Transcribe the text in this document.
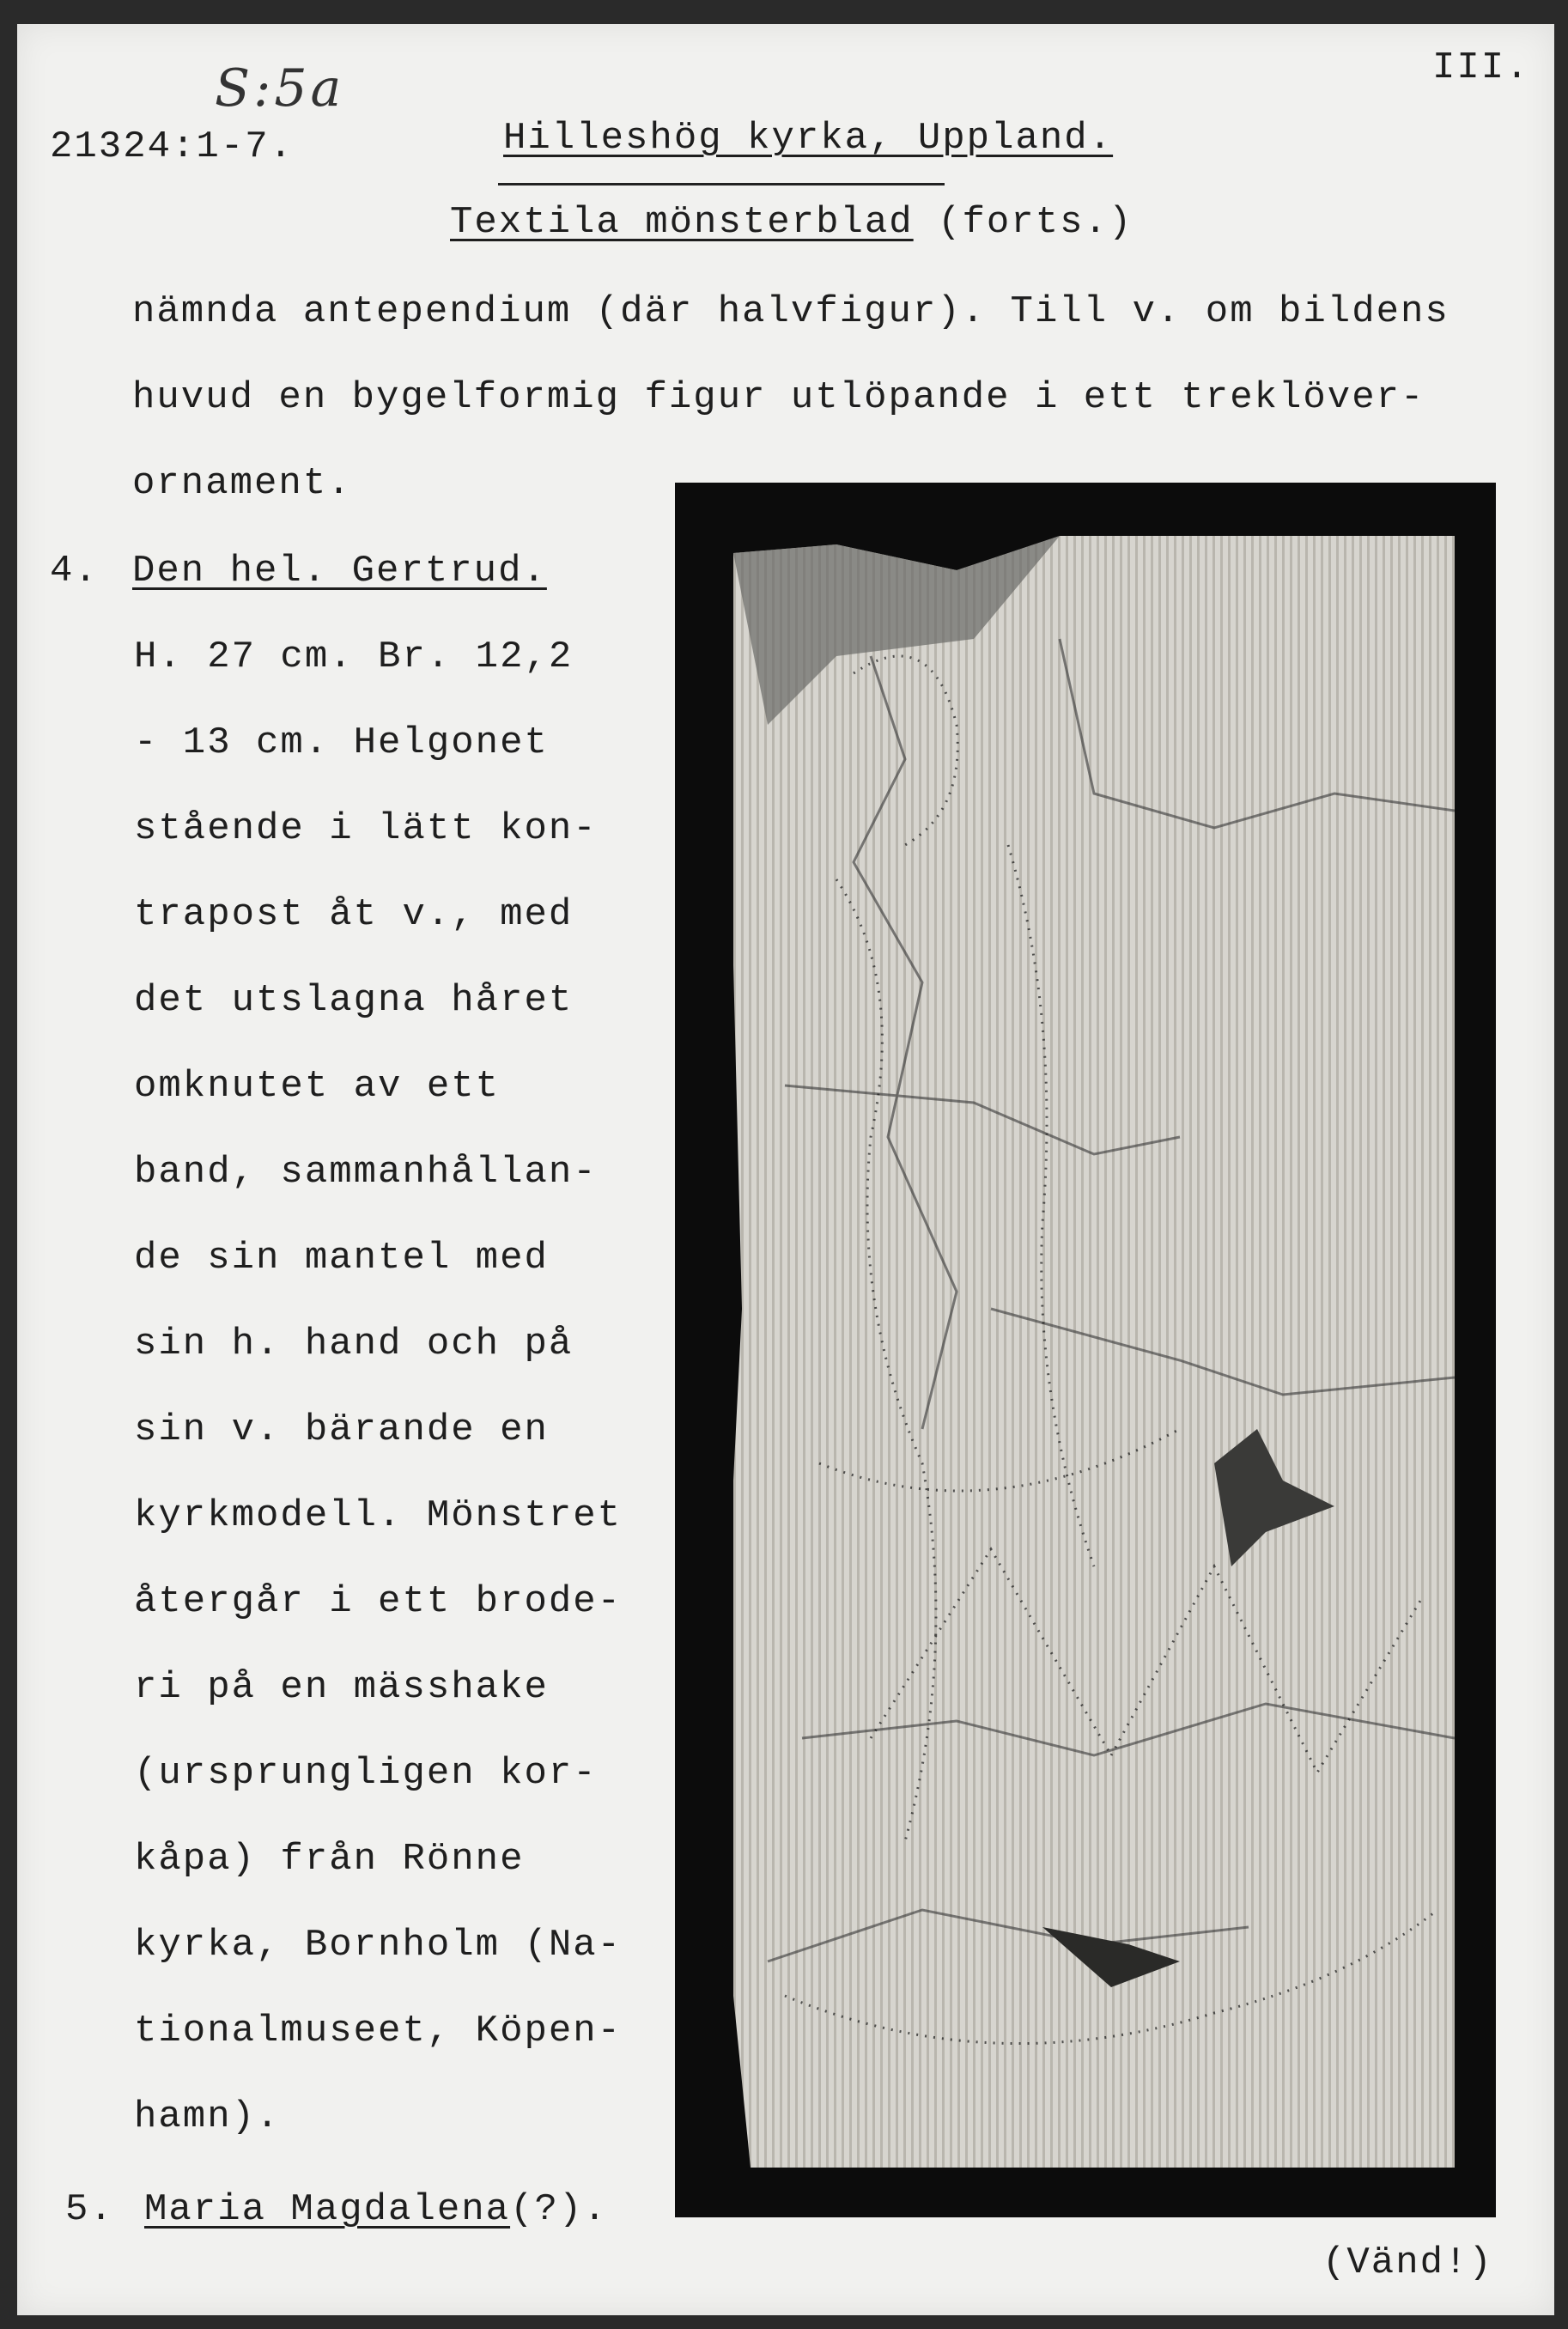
S:5a	III.
21324:1-7.	Hilleshög kyrka, Uppland.
Textila mönsterblad (forts.)
nämnda antependium (där halvfigur). Till v. om bildens
huvud en bygelformig figur utlöpande i ett treklöver-
ornament.
4. Den hel. Gertrud.
H. 27 cm. Br. 12,2
- 13 cm. Helgonet
stående i lätt kon-
trapost åt v., med
det utslagna håret
omknutet av ett
band, sammanhållan-
de sin mantel med
sin h. hand och på
sin v. bärande en
kyrkmodell. Mönstret
återgår i ett brode-
ri på en mässhake
(ursprungligen kor-
kåpa) från Rönne
kyrka, Bornholm (Na-
tionalmuseet, Köpen-
hamn).
5. Maria Magdalena(?).
(Vänd!)
